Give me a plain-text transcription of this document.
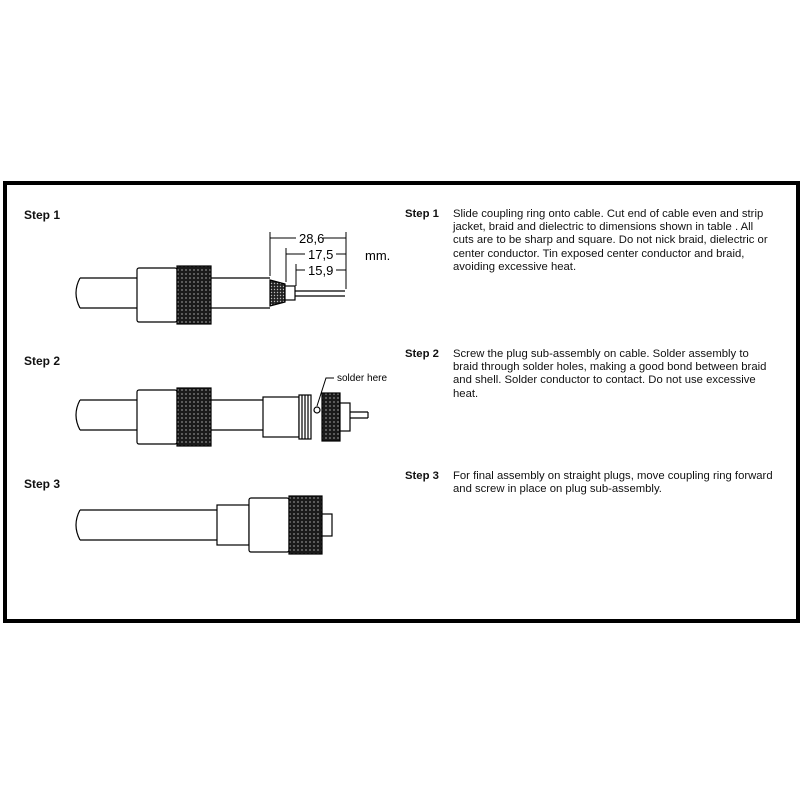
Step 1
Step 2
Step 3
Step 1 Slide coupling ring onto cable. Cut end of cable even and strip jacket, braid and dielectric to dimensions shown in table . All cuts are to be sharp and square. Do not nick braid, dielectric or center conductor. Tin exposed center conductor and braid, avoiding excessive heat.
Step 2 Screw the plug sub-assembly on cable. Solder assembly to braid through solder holes, making a good bond between braid and shell. Solder conductor to contact. Do not use excessive heat.
Step 3 For final assembly on straight plugs, move coupling ring forward and screw in place on plug sub-assembly.
28,6
17,5
15,9
mm.
solder here
